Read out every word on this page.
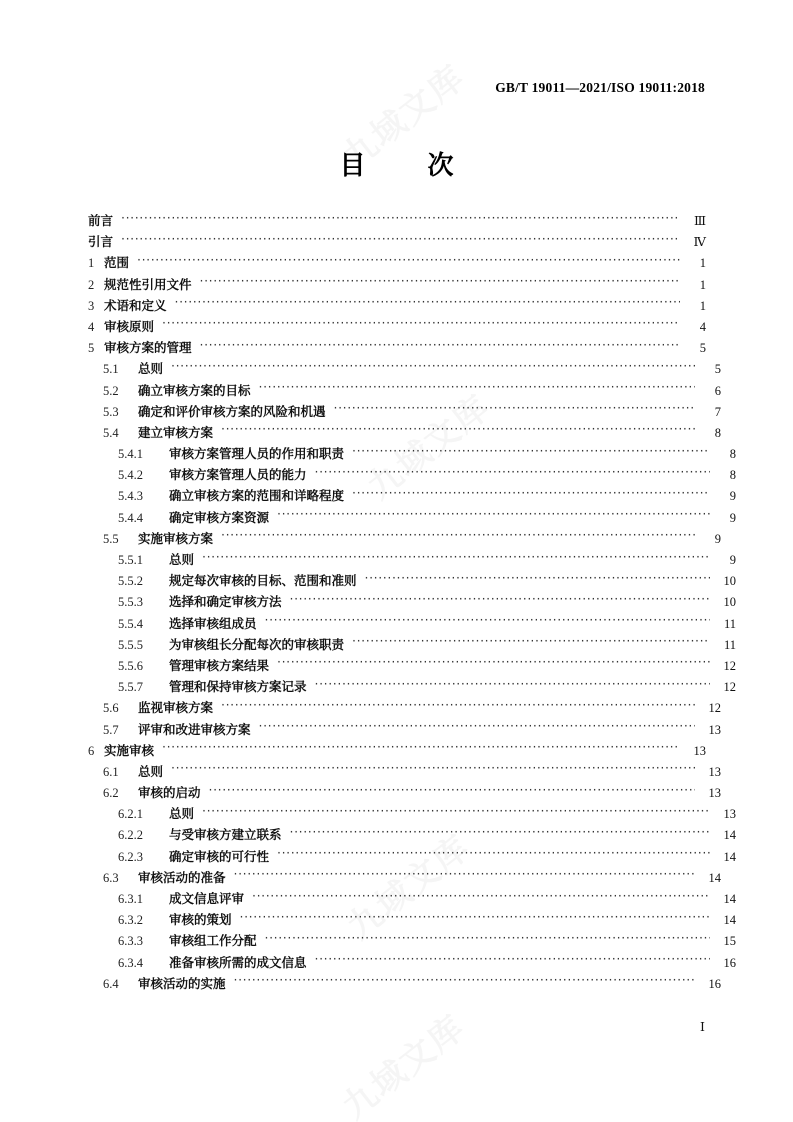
GB/T 19011—2021/ISO 19011:2018
目　次
前言 ·····	Ⅲ
引言 ·····	Ⅳ
1 范围 ·····	1
2 规范性引用文件 ·····	1
3 术语和定义 ·····	1
4 审核原则 ·····	4
5 审核方案的管理 ·····	5
5.1	总则 ·····	5
5.2	确立审核方案的目标 ·····	6
5.3	确定和评价审核方案的风险和机遇 ·····	7
5.4	建立审核方案 ·····	8
5.4.1	审核方案管理人员的作用和职责 ·····	8
5.4.2	审核方案管理人员的能力 ·····	8
5.4.3	确立审核方案的范围和详略程度 ·····	9
5.4.4	确定审核方案资源 ·····	9
5.5	实施审核方案 ·····	9
5.5.1	总则 ·····	9
5.5.2	规定每次审核的目标、范围和准则 ·····	10
5.5.3	选择和确定审核方法 ·····	10
5.5.4	选择审核组成员 ·····	11
5.5.5	为审核组长分配每次的审核职责 ·····	11
5.5.6	管理审核方案结果 ·····	12
5.5.7	管理和保持审核方案记录 ·····	12
5.6	监视审核方案 ·····	12
5.7	评审和改进审核方案 ·····	13
6 实施审核 ·····	13
6.1	总则 ·····	13
6.2	审核的启动 ·····	13
6.2.1	总则 ·····	13
6.2.2	与受审核方建立联系 ·····	14
6.2.3	确定审核的可行性 ·····	14
6.3	审核活动的准备 ·····	14
6.3.1	成文信息评审 ·····	14
6.3.2	审核的策划 ·····	14
6.3.3	审核组工作分配 ·····	15
6.3.4	准备审核所需的成文信息 ·····	16
6.4	审核活动的实施 ·····	16
Ⅰ
